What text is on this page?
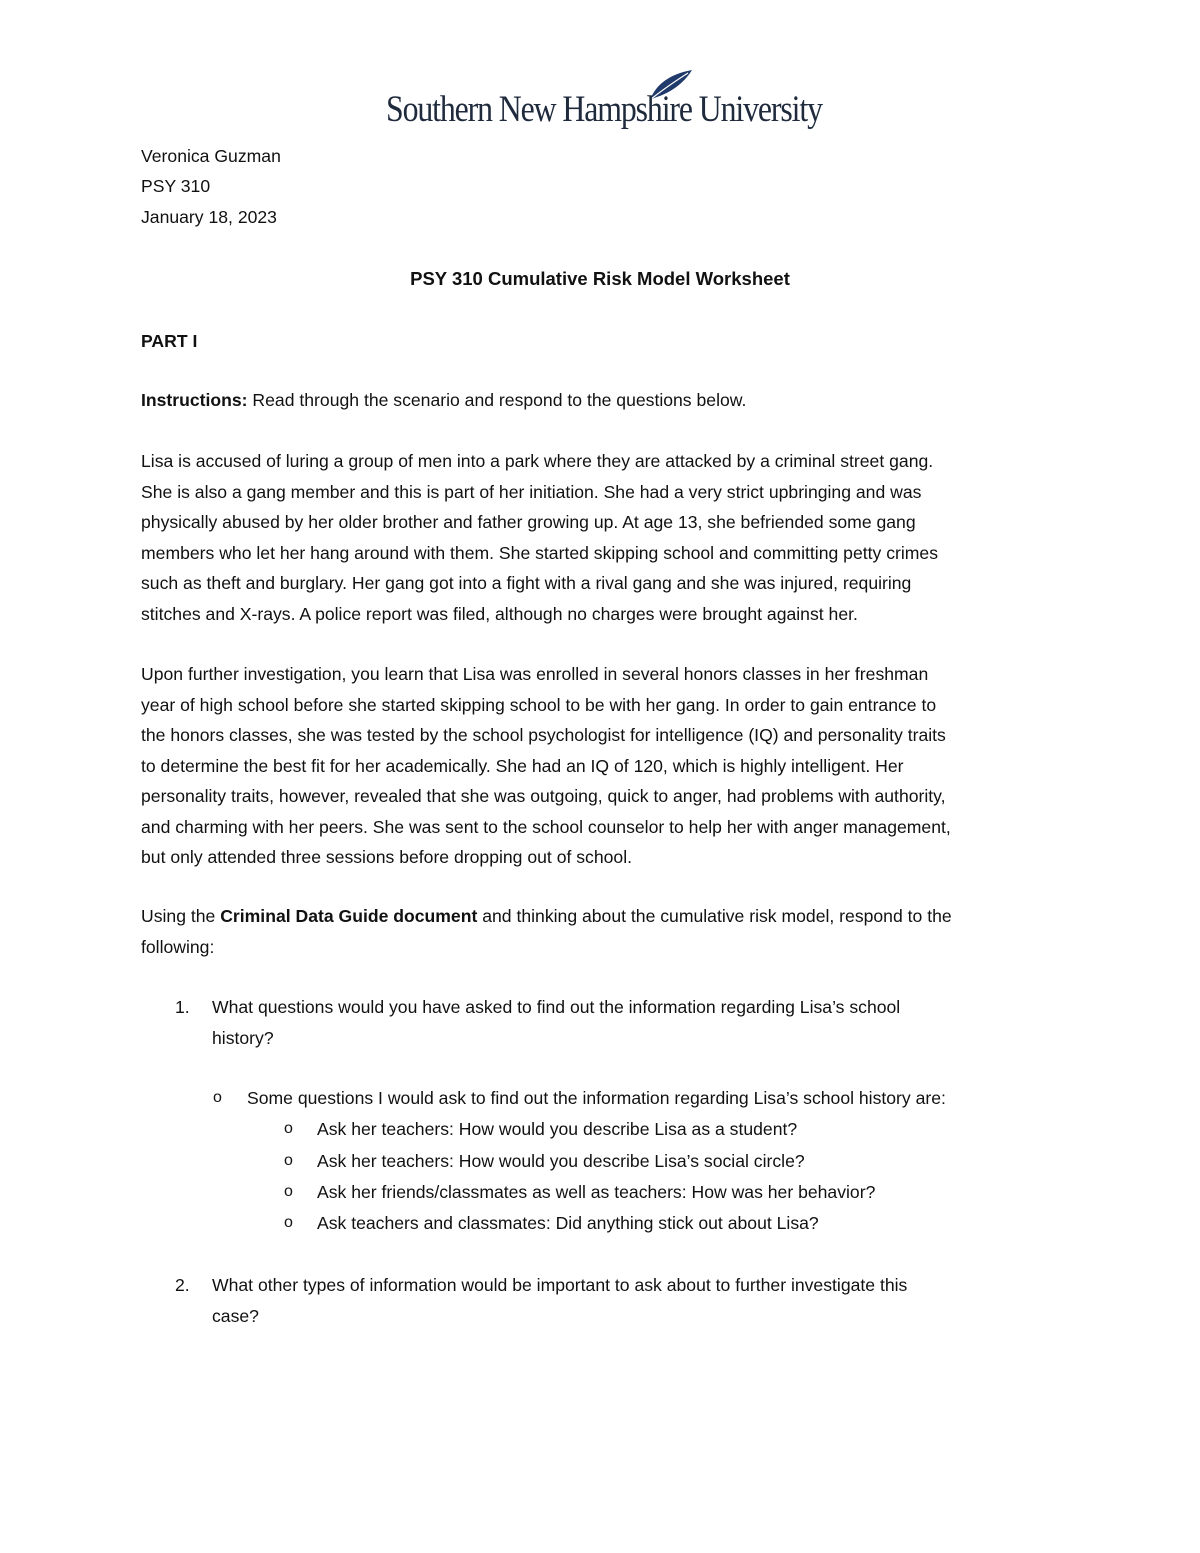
Southern New Hampshire University
Veronica Guzman
PSY 310
January 18, 2023
PSY 310 Cumulative Risk Model Worksheet
PART I
Instructions: Read through the scenario and respond to the questions below.
Lisa is accused of luring a group of men into a park where they are attacked by a criminal street gang.
She is also a gang member and this is part of her initiation. She had a very strict upbringing and was
physically abused by her older brother and father growing up. At age 13, she befriended some gang
members who let her hang around with them. She started skipping school and committing petty crimes
such as theft and burglary. Her gang got into a fight with a rival gang and she was injured, requiring
stitches and X-rays. A police report was filed, although no charges were brought against her.
Upon further investigation, you learn that Lisa was enrolled in several honors classes in her freshman
year of high school before she started skipping school to be with her gang. In order to gain entrance to
the honors classes, she was tested by the school psychologist for intelligence (IQ) and personality traits
to determine the best fit for her academically. She had an IQ of 120, which is highly intelligent. Her
personality traits, however, revealed that she was outgoing, quick to anger, had problems with authority,
and charming with her peers. She was sent to the school counselor to help her with anger management,
but only attended three sessions before dropping out of school.
Using the Criminal Data Guide document and thinking about the cumulative risk model, respond to the
following:
1. What questions would you have asked to find out the information regarding Lisa’s school
history?
o Some questions I would ask to find out the information regarding Lisa’s school history are:
o Ask her teachers: How would you describe Lisa as a student?
o Ask her teachers: How would you describe Lisa’s social circle?
o Ask her friends/classmates as well as teachers: How was her behavior?
o Ask teachers and classmates: Did anything stick out about Lisa?
2. What other types of information would be important to ask about to further investigate this
case?
